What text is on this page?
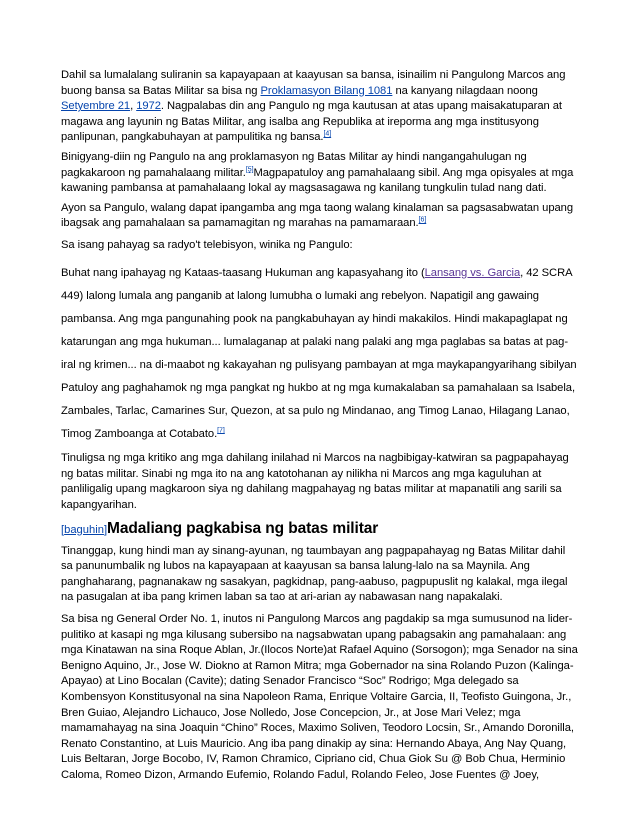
Dahil sa lumalalang suliranin sa kapayapaan at kaayusan sa bansa, isinailim ni Pangulong Marcos ang buong bansa sa Batas Militar sa bisa ng Proklamasyon Bilang 1081 na kanyang nilagdaan noong Setyembre 21, 1972. Nagpalabas din ang Pangulo ng mga kautusan at atas upang maisakatuparan at magawa ang layunin ng Batas Militar, ang isalba ang Republika at ireporma ang mga institusyong panlipunan, pangkabuhayan at pampulitika ng bansa.[4]

Binigyang-diin ng Pangulo na ang proklamasyon ng Batas Militar ay hindi nangangahulugan ng pagkakaroon ng pamahalaang militar.[5]Magpapatuloy ang pamahalaang sibil. Ang mga opisyales at mga kawaning pambansa at pamahalaang lokal ay magsasagawa ng kanilang tungkulin tulad nang dati.

Ayon sa Pangulo, walang dapat ipangamba ang mga taong walang kinalaman sa pagsasabwatan upang ibagsak ang pamahalaan sa pamamagitan ng marahas na pamamaraan.[6]

Sa isang pahayag sa radyo't telebisyon, winika ng Pangulo:

Buhat nang ipahayag ng Kataas-taasang Hukuman ang kapasyahang ito (Lansang vs. Garcia, 42 SCRA 449) lalong lumala ang panganib at lalong lumubha o lumaki ang rebelyon. Napatigil ang gawaing pambansa. Ang mga pangunahing pook na pangkabuhayan ay hindi makakilos. Hindi makapaglapat ng katarungan ang mga hukuman... lumalaganap at palaki nang palaki ang mga paglabas sa batas at pag-iral ng krimen... na di-maabot ng kakayahan ng pulisyang pambayan at mga maykapangyarihang sibilyan Patuloy ang paghahamok ng mga pangkat ng hukbo at ng mga kumakalaban sa pamahalaan sa Isabela, Zambales, Tarlac, Camarines Sur, Quezon, at sa pulo ng Mindanao, ang Timog Lanao, Hilagang Lanao, Timog Zamboanga at Cotabato.[7]

Tinuligsa ng mga kritiko ang mga dahilang inilahad ni Marcos na nagbibigay-katwiran sa pagpapahayag ng batas militar. Sinabi ng mga ito na ang katotohanan ay nilikha ni Marcos ang mga kaguluhan at panliligalig upang magkaroon siya ng dahilang magpahayag ng batas militar at mapanatili ang sarili sa kapangyarihan.

[ baguhin ] Madaliang pagkabisa ng batas militar

Tinanggap, kung hindi man ay sinang-ayunan, ng taumbayan ang pagpapahayag ng Batas Militar dahil sa panunumbalik ng lubos na kapayapaan at kaayusan sa bansa lalung-lalo na sa Maynila. Ang panghaharang, pagnanakaw ng sasakyan, pagkidnap, pang-aabuso, pagpupuslit ng kalakal, mga ilegal na pasugalan at iba pang krimen laban sa tao at ari-arian ay nabawasan nang napakalaki.

Sa bisa ng General Order No. 1, inutos ni Pangulong Marcos ang pagdakip sa mga sumusunod na lider-pulitiko at kasapi ng mga kilusang subersibo na nagsabwatan upang pabagsakin ang pamahalaan: ang mga Kinatawan na sina Roque Ablan, Jr.(Ilocos Norte)at Rafael Aquino (Sorsogon); mga Senador na sina Benigno Aquino, Jr., Jose W. Diokno at Ramon Mitra; mga Gobernador na sina Rolando Puzon (Kalinga-Apayao) at Lino Bocalan (Cavite); dating Senador Francisco “Soc” Rodrigo; Mga delegado sa Kombensyon Konstitusyonal na sina Napoleon Rama, Enrique Voltaire Garcia, II, Teofisto Guingona, Jr., Bren Guiao, Alejandro Lichauco, Jose Nolledo, Jose Concepcion, Jr., at Jose Mari Velez; mga mamamahayag na sina Joaquin “Chino” Roces, Maximo Soliven, Teodoro Locsin, Sr., Amando Doronilla, Renato Constantino, at Luis Mauricio. Ang iba pang dinakip ay sina: Hernando Abaya, Ang Nay Quang, Luis Beltaran, Jorge Bocobo, IV, Ramon Chramico, Cipriano cid, Chua Giok Su @ Bob Chua, Herminio Caloma, Romeo Dizon, Armando Eufemio, Rolando Fadul, Rolando Feleo, Jose Fuentes @ Joey,
